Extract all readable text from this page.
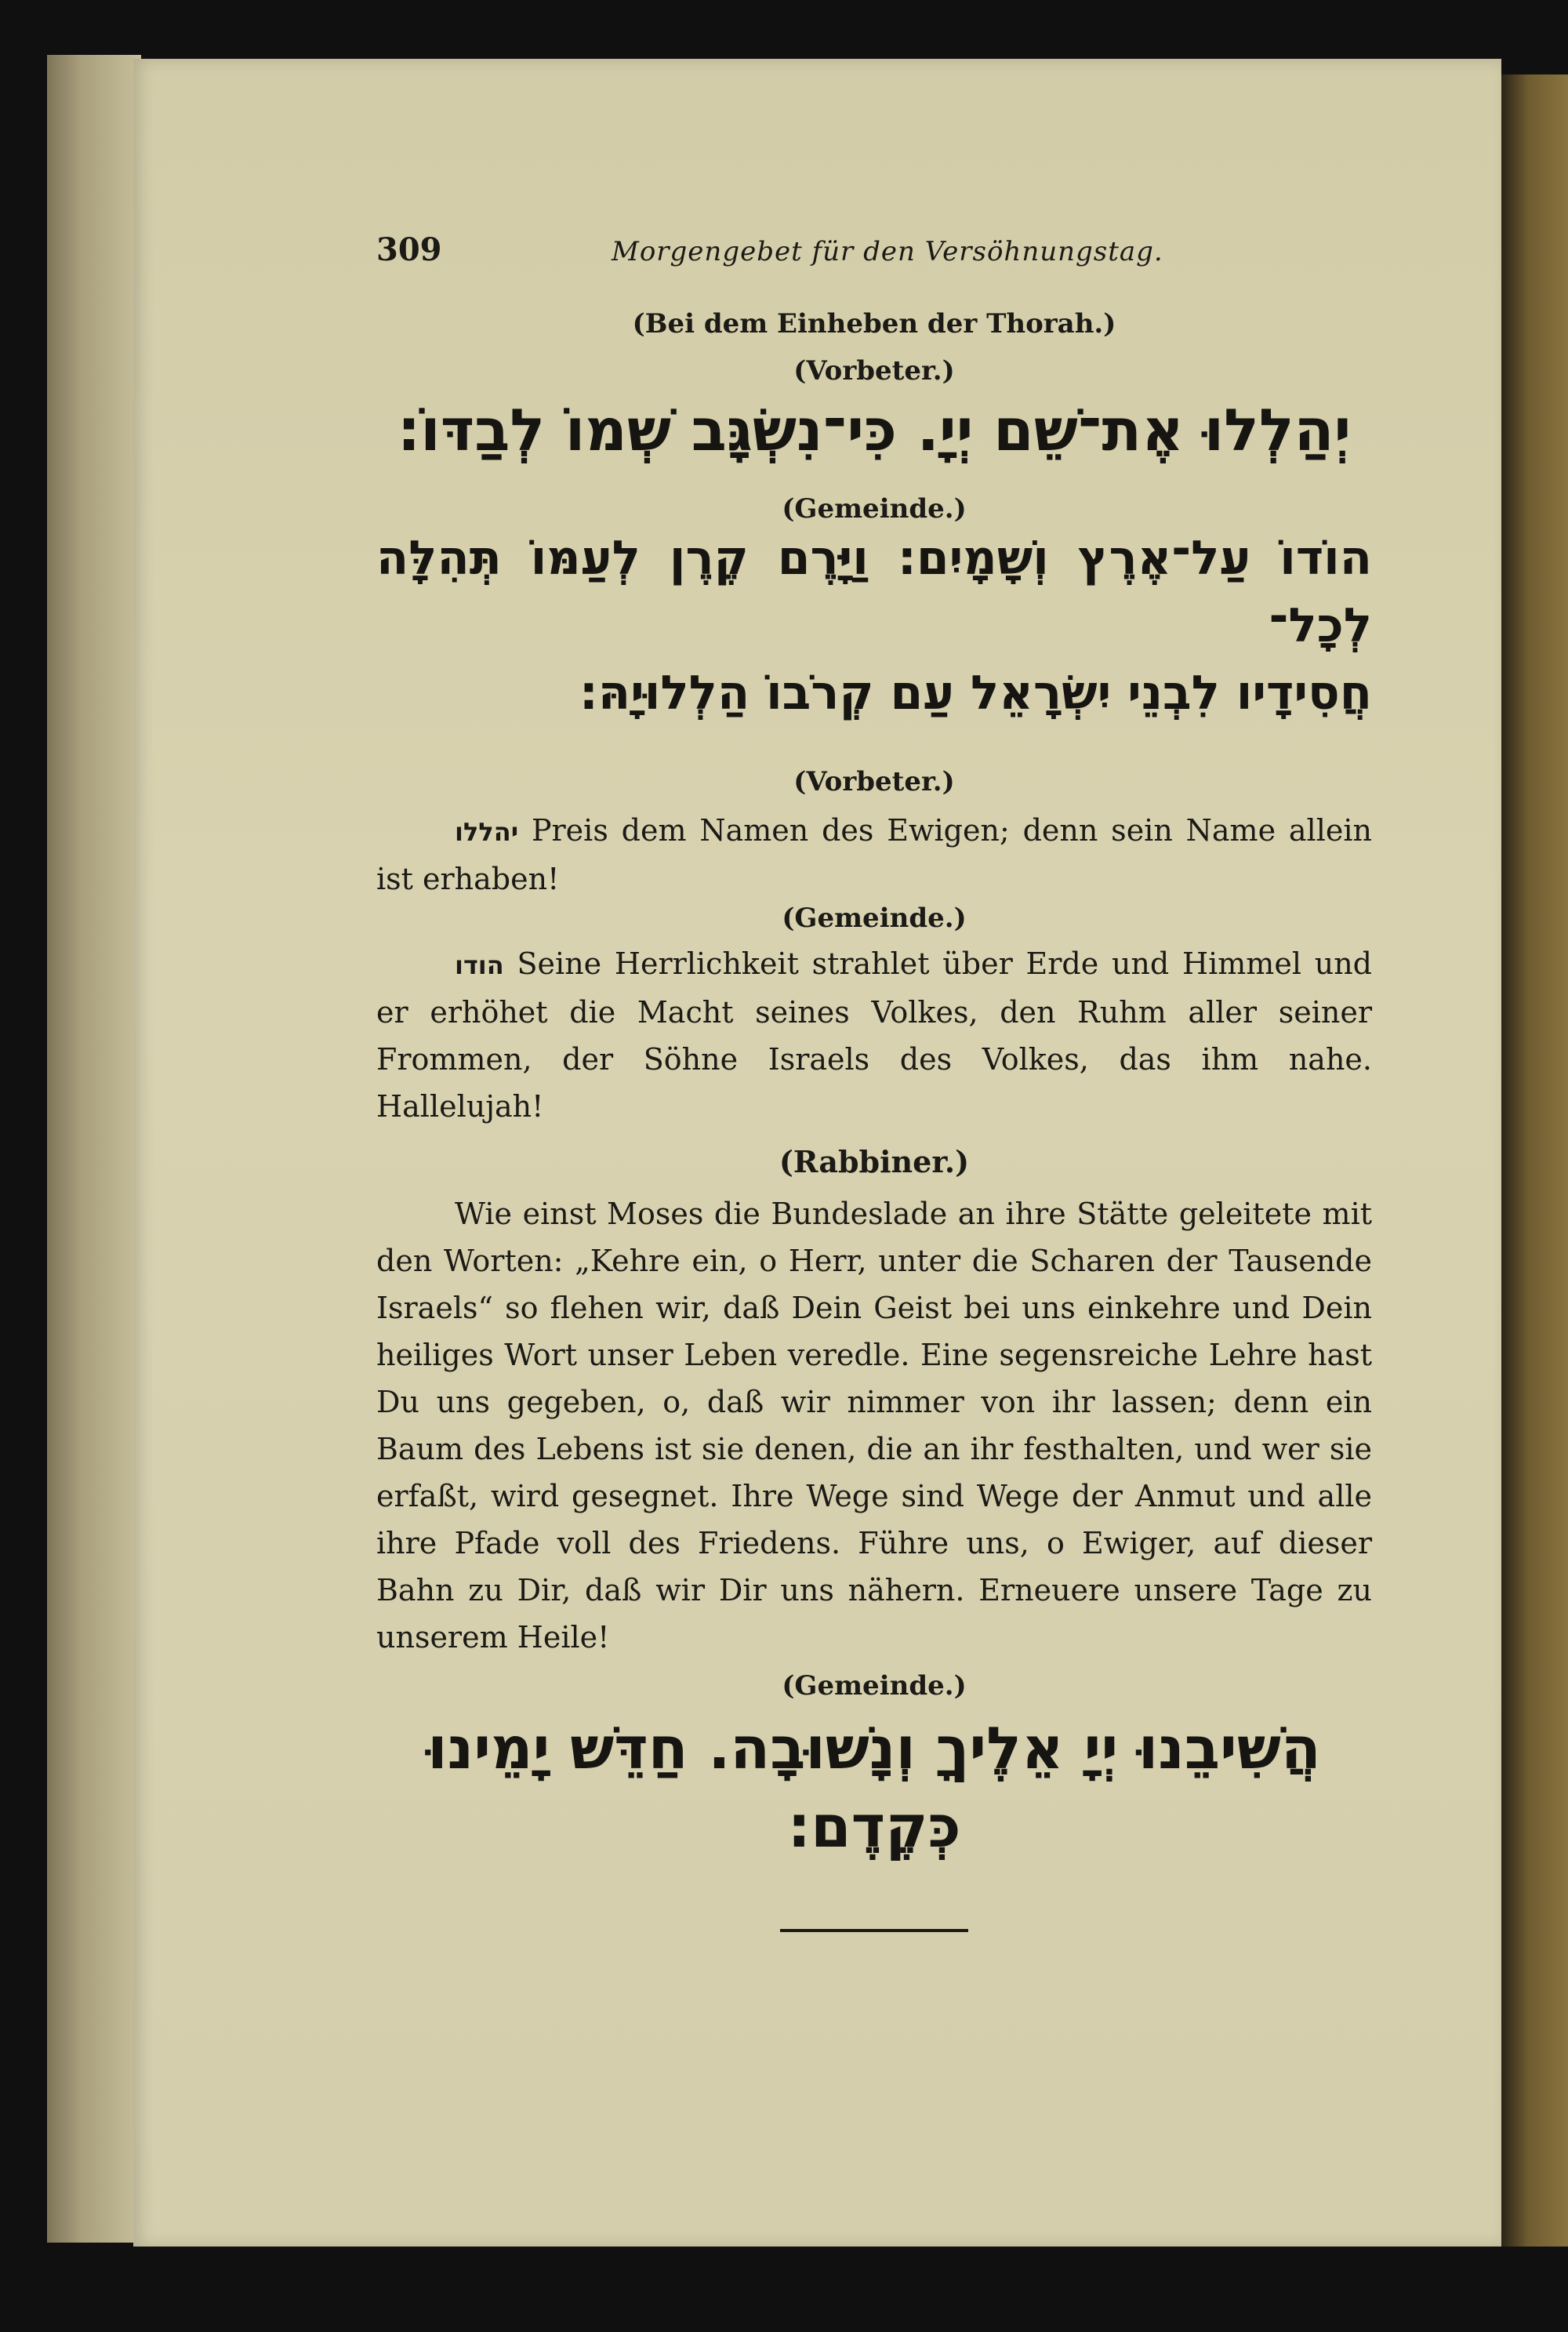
309	Morgengebet für den Versöhnungstag.

(Bei dem Einheben der Thorah.)

(Vorbeter.)

יְהַלְלוּ אֶת־שֵׁם יְיָ. כִּי־נִשְׂגָּב שְׁמוֹ לְבַדּוֹ:

(Gemeinde.)

הוֹדוֹ עַל־אֶרֶץ וְשָׁמָיִם: וַיָּרֶם קֶרֶן לְעַמּוֹ תְּהִלָּה לְכָל־

חֲסִידָיו לִבְנֵי יִשְׂרָאֵל עַם קְרֹבוֹ הַלְלוּיָהּ:

(Vorbeter.)

יהללו Preis dem Namen des Ewigen; denn sein Name allein ist erhaben!

(Gemeinde.)

הודו Seine Herrlichkeit strahlet über Erde und Himmel und er erhöhet die Macht seines Volkes, den Ruhm aller seiner Frommen, der Söhne Israels des Volkes, das ihm nahe. Hallelujah!

(Rabbiner.)

Wie einst Moses die Bundeslade an ihre Stätte geleitete mit den Worten: „Kehre ein, o Herr, unter die Scharen der Tausende Israels“ so flehen wir, daß Dein Geist bei uns einkehre und Dein heiliges Wort unser Leben veredle. Eine segensreiche Lehre hast Du uns gegeben, o, daß wir nimmer von ihr lassen; denn ein Baum des Lebens ist sie denen, die an ihr festhalten, und wer sie erfaßt, wird gesegnet. Ihre Wege sind Wege der Anmut und alle ihre Pfade voll des Friedens. Führe uns, o Ewiger, auf dieser Bahn zu Dir, daß wir Dir uns nähern. Erneuere unsere Tage zu unserem Heile!

(Gemeinde.)

הֲשִׁיבֵנוּ יְיָ אֵלֶיךָ וְנָשׁוּבָה. חַדֵּשׁ יָמֵינוּ כְּקֶדֶם:
